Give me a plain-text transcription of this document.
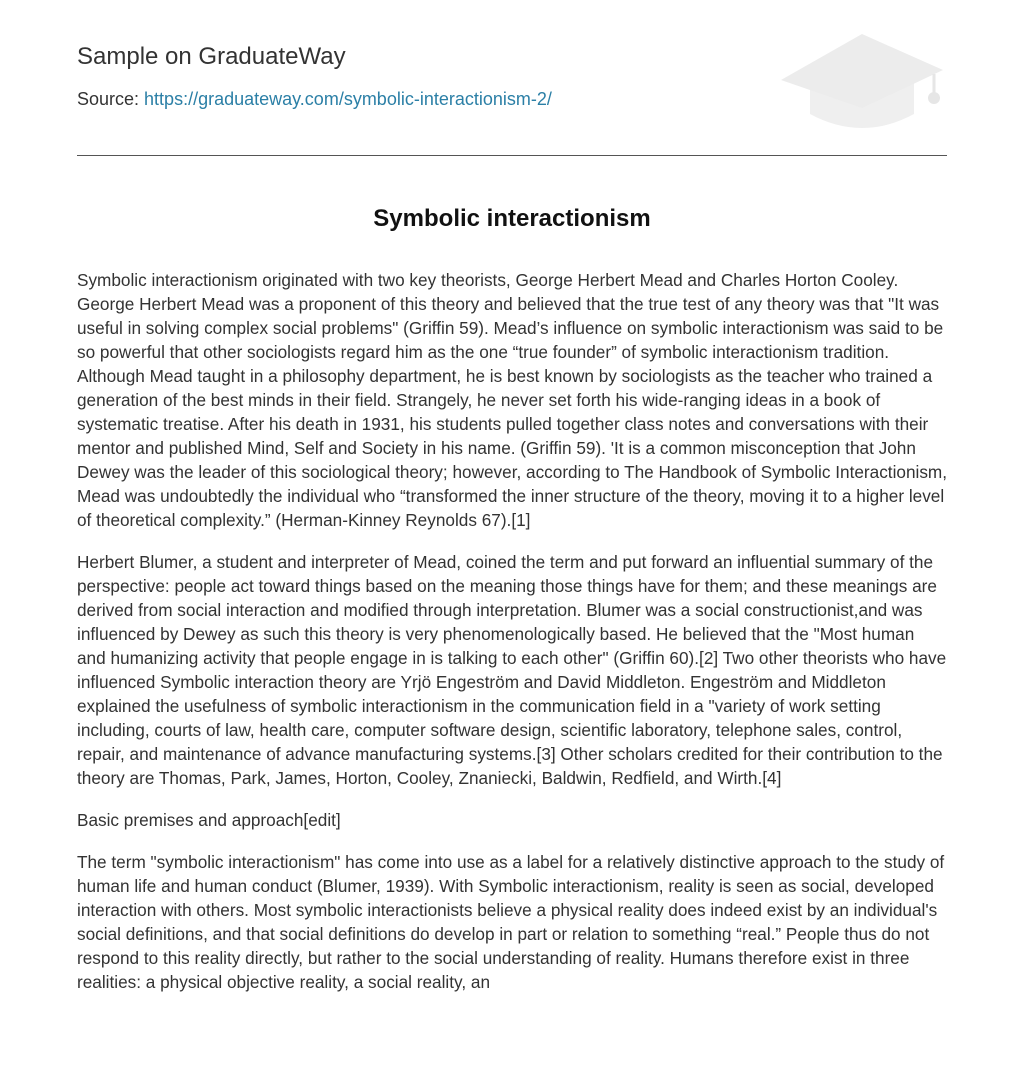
Sample on GraduateWay
Source: https://graduateway.com/symbolic-interactionism-2/
Symbolic interactionism

Symbolic interactionism originated with two key theorists, George Herbert Mead and Charles Horton Cooley. George Herbert Mead was a proponent of this theory and believed that the true test of any theory was that "It was useful in solving complex social problems" (Griffin 59). Mead’s influence on symbolic interactionism was said to be so powerful that other sociologists regard him as the one “true founder” of symbolic interactionism tradition. Although Mead taught in a philosophy department, he is best known by sociologists as the teacher who trained a generation of the best minds in their field. Strangely, he never set forth his wide-ranging ideas in a book of systematic treatise. After his death in 1931, his students pulled together class notes and conversations with their mentor and published Mind, Self and Society in his name. (Griffin 59). 'It is a common misconception that John Dewey was the leader of this sociological theory; however, according to The Handbook of Symbolic Interactionism, Mead was undoubtedly the individual who “transformed the inner structure of the theory, moving it to a higher level of theoretical complexity.” (Herman-Kinney Reynolds 67).[1]

Herbert Blumer, a student and interpreter of Mead, coined the term and put forward an influential summary of the perspective: people act toward things based on the meaning those things have for them; and these meanings are derived from social interaction and modified through interpretation. Blumer was a social constructionist,and was influenced by Dewey as such this theory is very phenomenologically based. He believed that the "Most human and humanizing activity that people engage in is talking to each other" (Griffin 60).[2] Two other theorists who have influenced Symbolic interaction theory are Yrjö Engeström and David Middleton. Engeström and Middleton explained the usefulness of symbolic interactionism in the communication field in a "variety of work setting including, courts of law, health care, computer software design, scientific laboratory, telephone sales, control, repair, and maintenance of advance manufacturing systems.[3] Other scholars credited for their contribution to the theory are Thomas, Park, James, Horton, Cooley, Znaniecki, Baldwin, Redfield, and Wirth.[4]

Basic premises and approach[edit]

The term "symbolic interactionism" has come into use as a label for a relatively distinctive approach to the study of human life and human conduct (Blumer, 1939). With Symbolic interactionism, reality is seen as social, developed interaction with others. Most symbolic interactionists believe a physical reality does indeed exist by an individual's social definitions, and that social definitions do develop in part or relation to something “real.” People thus do not respond to this reality directly, but rather to the social understanding of reality. Humans therefore exist in three realities: a physical objective reality, a social reality, an
